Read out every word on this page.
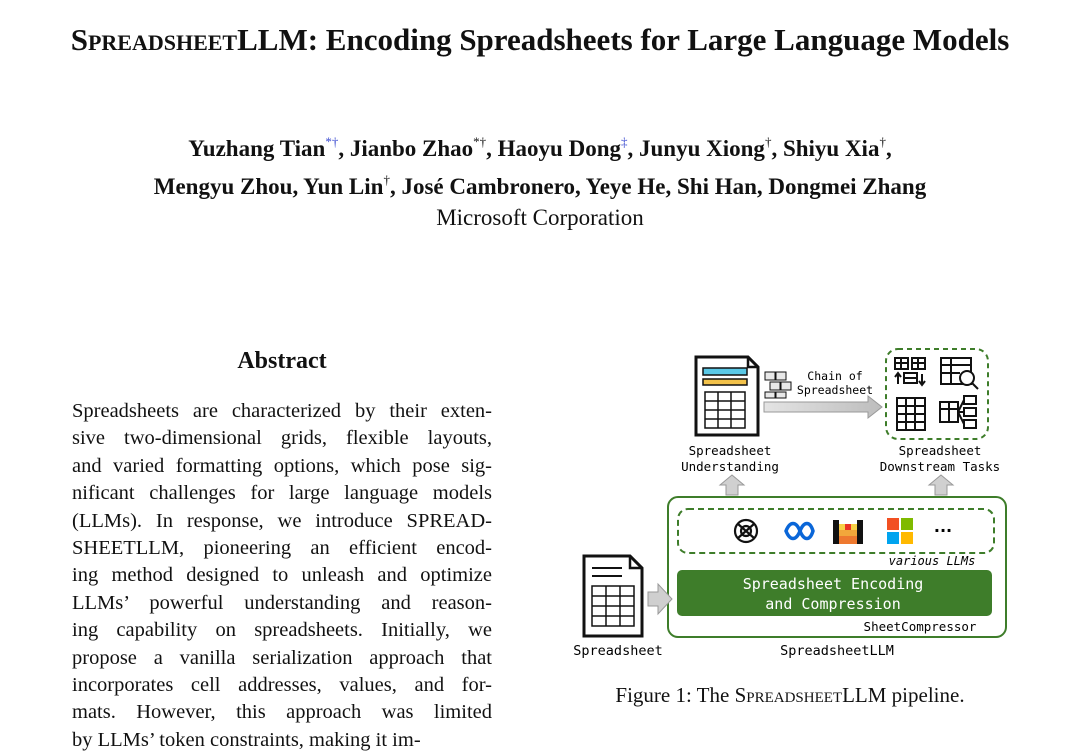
SpreadsheetLLM: Encoding Spreadsheets for Large Language Models
Yuzhang Tian*†, Jianbo Zhao*†, Haoyu Dong‡, Junyu Xiong†, Shiyu Xia†,
Mengyu Zhou, Yun Lin†, José Cambronero, Yeye He, Shi Han, Dongmei Zhang
Microsoft Corporation
Abstract
Spreadsheets are characterized by their exten-
sive two-dimensional grids, flexible layouts,
and varied formatting options, which pose sig-
nificant challenges for large language models
(LLMs). In response, we introduce SPREAD-
SHEETLLM, pioneering an efficient encod-
ing method designed to unleash and optimize
LLMs’ powerful understanding and reason-
ing capability on spreadsheets. Initially, we
propose a vanilla serialization approach that
incorporates cell addresses, values, and for-
mats. However, this approach was limited
by LLMs’ token constraints, making it im-
Chain of
Spreadsheet
Spreadsheet
Understanding
Spreadsheet
Downstream Tasks
···
various LLMs
Spreadsheet Encoding
and Compression
SheetCompressor
Spreadsheet	SpreadsheetLLM
Figure 1: The SpreadsheetLLM pipeline.
